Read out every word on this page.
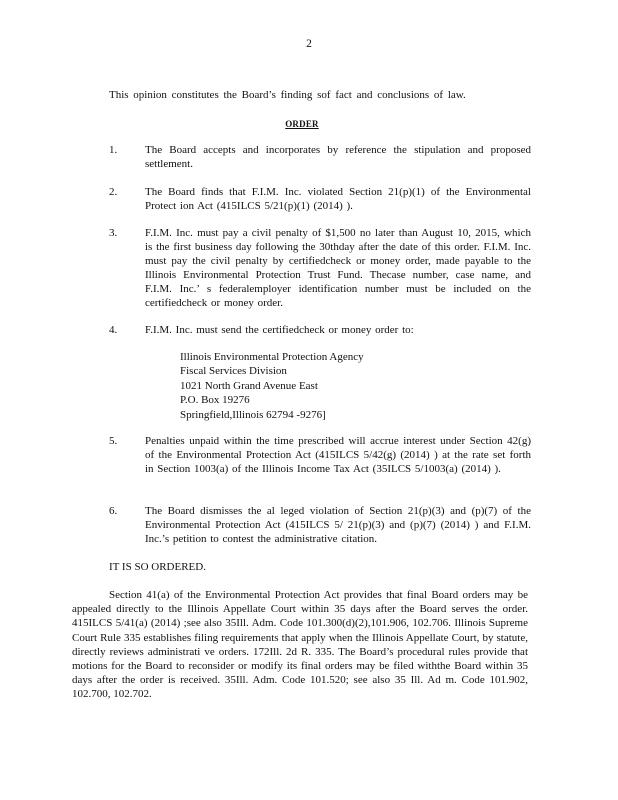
2
This opinion constitutes the Board’s finding sof fact and conclusions of law.
ORDER
1.	The Board accepts and incorporates by reference the stipulation and proposed settlement.
2.	The Board finds that F.I.M. Inc. violated Section 21(p)(1) of the Environmental Protect ion Act (415ILCS 5/21(p)(1) (2014) ).
3.	F.I.M. Inc. must pay a civil penalty of $1,500 no later than August 10, 2015, which is the first business day following the 30thday after the date of this order. F.I.M. Inc. must pay the civil penalty by certifiedcheck or money order, made payable to the Illinois Environmental Protection Trust Fund. Thecase number, case name, and F.I.M. Inc.’ s federalemployer identification number must be included on the certifiedcheck or money order.
4.	F.I.M. Inc. must send the certifiedcheck or money order to:
Illinois Environmental Protection Agency
Fiscal Services Division
1021 North Grand Avenue East
P.O. Box 19276
Springfield,Illinois 62794 -9276]
5.	Penalties unpaid within the time prescribed will accrue interest under Section 42(g) of the Environmental Protection Act (415ILCS 5/42(g) (2014) ) at the rate set forth in Section 1003(a) of the Illinois Income Tax Act (35ILCS 5/1003(a) (2014) ).
6.	The Board dismisses the al leged violation of Section 21(p)(3) and (p)(7) of the Environmental Protection Act (415ILCS 5/ 21(p)(3) and (p)(7) (2014) ) and F.I.M. Inc.’s petition to contest the administrative citation.
IT IS SO ORDERED.
Section 41(a) of the Environmental Protection Act provides that final Board orders may be appealed directly to the Illinois Appellate Court within 35 days after the Board serves the order. 415ILCS 5/41(a) (2014) ;see also 35Ill. Adm. Code 101.300(d)(2),101.906, 102.706. Illinois Supreme Court Rule 335 establishes filing requirements that apply when the Illinois Appellate Court, by statute, directly reviews administrati ve orders. 172Ill. 2d R. 335. The Board’s procedural rules provide that motions for the Board to reconsider or modify its final orders may be filed withthe Board within 35 days after the order is received. 35Ill. Adm. Code 101.520; see also 35 Ill. Ad m. Code 101.902, 102.700, 102.702.
